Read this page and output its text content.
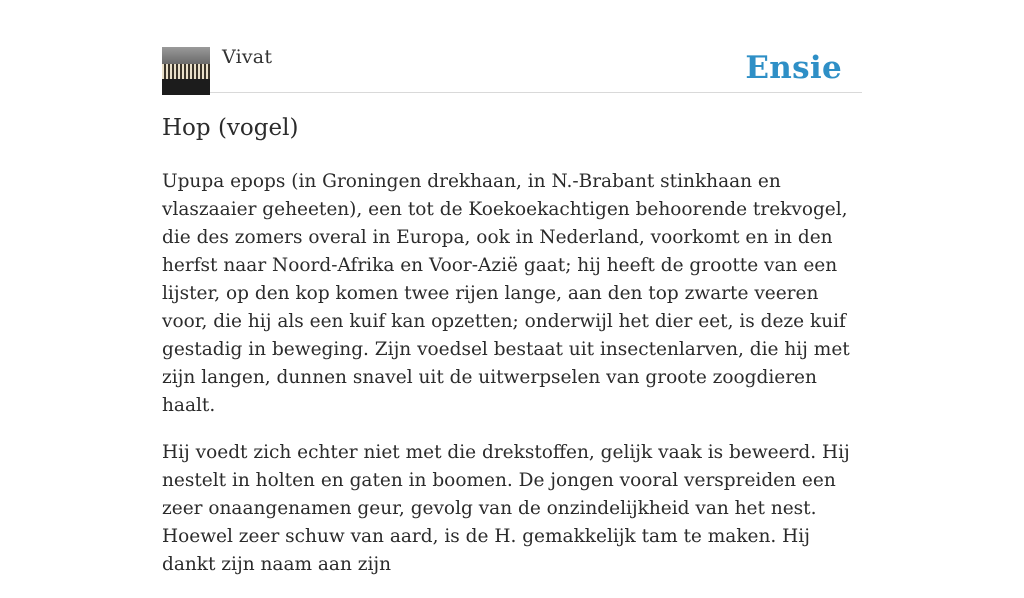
Vivat	Ensie
Hop (vogel)

Upupa epops (in Groningen drekhaan, in N.-Brabant stinkhaan en vlaszaaier geheeten), een tot de Koekoekachtigen behoorende trekvogel, die des zomers overal in Europa, ook in Nederland, voorkomt en in den herfst naar Noord-Afrika en Voor-Azië gaat; hij heeft de grootte van een lijster, op den kop komen twee rijen lange, aan den top zwarte veeren voor, die hij als een kuif kan opzetten; onderwijl het dier eet, is deze kuif gestadig in beweging. Zijn voedsel bestaat uit insectenlarven, die hij met zijn langen, dunnen snavel uit de uitwerpselen van groote zoogdieren haalt.

Hij voedt zich echter niet met die drekstoffen, gelijk vaak is beweerd. Hij nestelt in holten en gaten in boomen. De jongen vooral verspreiden een zeer onaangenamen geur, gevolg van de onzindelijkheid van het nest. Hoewel zeer schuw van aard, is de H. gemakkelijk tam te maken. Hij dankt zijn naam aan zijn
